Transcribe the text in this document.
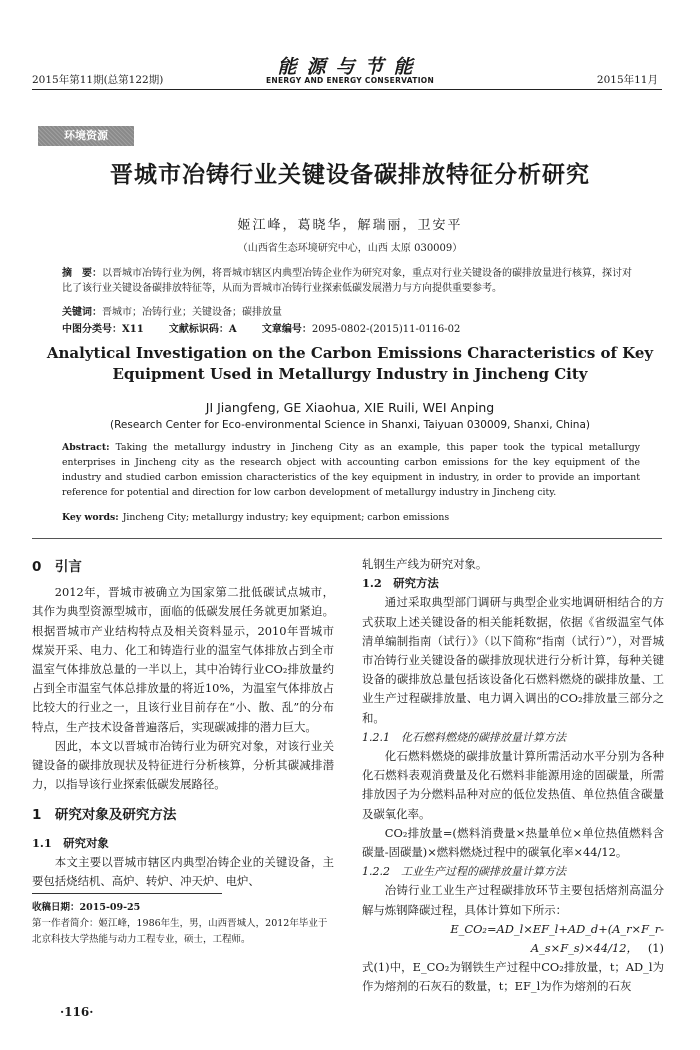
2015年第11期(总第122期)
能源与节能
ENERGY AND ENERGY CONSERVATION	2015年11月
环境资源
晋城市冶铸行业关键设备碳排放特征分析研究
姬江峰，葛晓华，解瑞丽，卫安平
（山西省生态环境研究中心，山西 太原 030009）
摘　要：以晋城市冶铸行业为例，将晋城市辖区内典型冶铸企业作为研究对象，重点对行业关键设备的碳排放量进行核算，探讨对比了该行业关键设备碳排放特征等，从而为晋城市冶铸行业探索低碳发展潜力与方向提供重要参考。
关键词：晋城市；冶铸行业；关键设备；碳排放量
中图分类号：X11	文献标识码：A	文章编号：2095-0802-(2015)11-0116-02
Analytical Investigation on the Carbon Emissions Characteristics of Key Equipment Used in Metallurgy Industry in Jincheng City
JI Jiangfeng, GE Xiaohua, XIE Ruili, WEI Anping
(Research Center for Eco-environmental Science in Shanxi, Taiyuan 030009, Shanxi, China)
Abstract: Taking the metallurgy industry in Jincheng City as an example, this paper took the typical metallurgy enterprises in Jincheng city as the research object with accounting carbon emissions for the key equipment of the industry and studied carbon emission characteristics of the key equipment in industry, in order to provide an important reference for potential and direction for low carbon development of metallurgy industry in Jincheng city.
Key words: Jincheng City; metallurgy industry; key equipment; carbon emissions
0　引言

2012年，晋城市被确立为国家第二批低碳试点城市，其作为典型资源型城市，面临的低碳发展任务就更加紧迫。根据晋城市产业结构特点及相关资料显示，2010年晋城市煤炭开采、电力、化工和铸造行业的温室气体排放占到全市温室气体排放总量的一半以上，其中冶铸行业CO₂排放量约占到全市温室气体总排放量的将近10%，为温室气体排放占比较大的行业之一，且该行业目前存在“小、散、乱”的分布特点，生产技术设备普遍落后，实现碳减排的潜力巨大。

因此，本文以晋城市冶铸行业为研究对象，对该行业关键设备的碳排放现状及特征进行分析核算，分析其碳减排潜力，以指导该行业探索低碳发展路径。

1　研究对象及研究方法
1.1　研究对象

本文主要以晋城市辖区内典型冶铸企业的关键设备，主要包括烧结机、高炉、转炉、冲天炉、电炉、

收稿日期：2015-09-25
第一作者简介：姬江峰，1986年生，男，山西晋城人，2012年毕业于北京科技大学热能与动力工程专业，硕士，工程师。
·116·

轧钢生产线为研究对象。

1.2　研究方法

通过采取典型部门调研与典型企业实地调研相结合的方式获取上述关键设备的相关能耗数据，依据《省级温室气体清单编制指南（试行）》（以下简称“指南（试行）”），对晋城市冶铸行业关键设备的碳排放现状进行分析计算，每种关键设备的碳排放总量包括该设备化石燃料燃烧的碳排放量、工业生产过程碳排放量、电力调入调出的CO₂排放量三部分之和。

1.2.1　化石燃料燃烧的碳排放量计算方法

化石燃料燃烧的碳排放量计算所需活动水平分别为各种化石燃料表观消费量及化石燃料非能源用途的固碳量，所需排放因子为分燃料品种对应的低位发热值、单位热值含碳量及碳氧化率。

CO₂排放量=(燃料消费量×热量单位×单位热值燃料含碳量-固碳量)×燃料燃烧过程中的碳氧化率×44/12。

1.2.2　工业生产过程的碳排放量计算方法

冶铸行业工业生产过程碳排放环节主要包括熔剂高温分解与炼钢降碳过程，具体计算如下所示：

E_CO₂=AD_l×EF_l+AD_d+(A_r×F_r-A_s×F_s)×44/12， (1)

式(1)中，E_CO₂为钢铁生产过程中CO₂排放量，t；AD_l为作为熔剂的石灰石的数量，t；EF_l为作为熔剂的石灰
